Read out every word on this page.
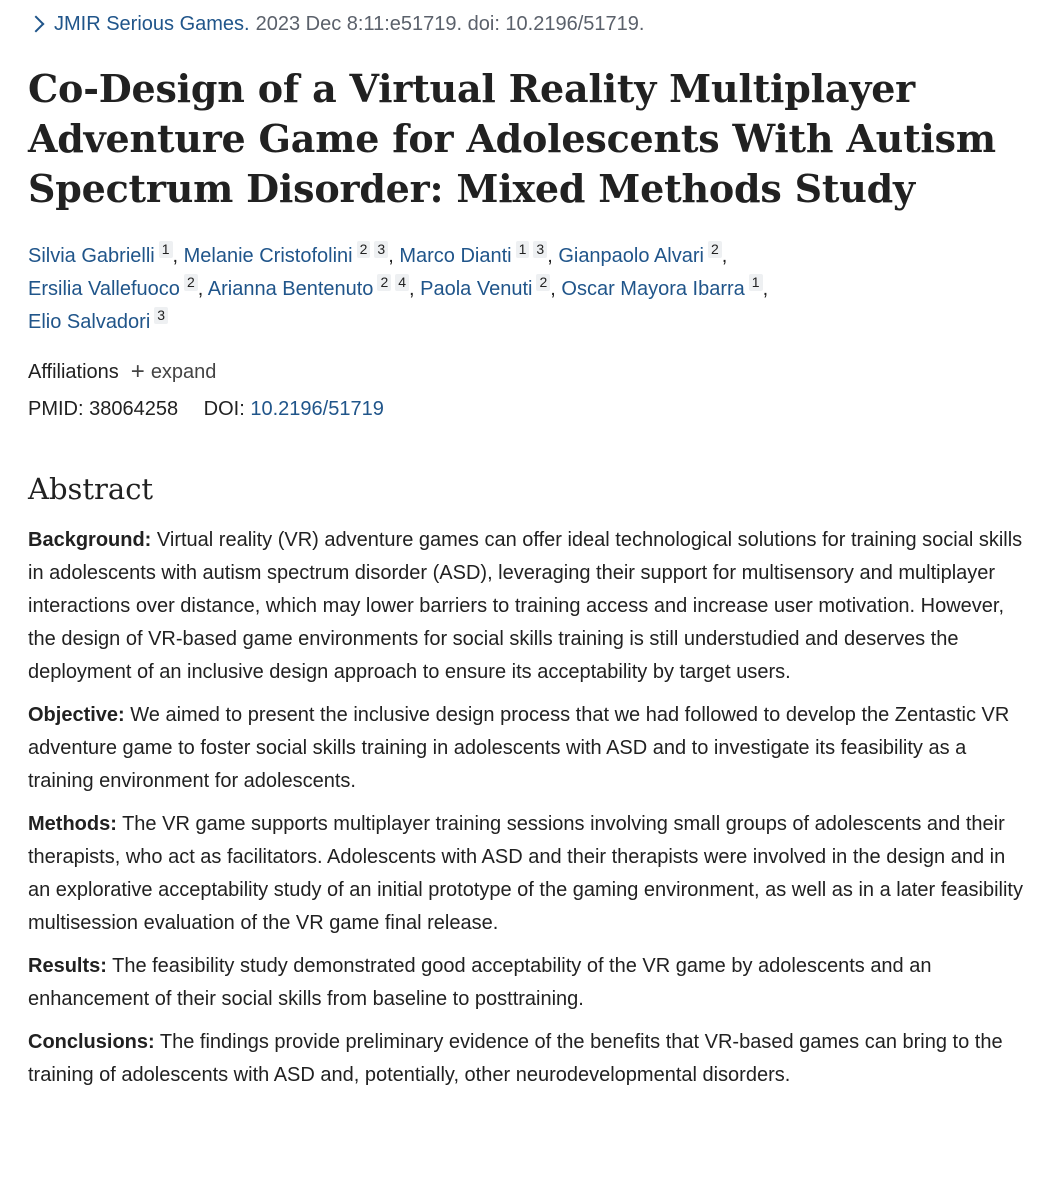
JMIR Serious Games. 2023 Dec 8:11:e51719. doi: 10.2196/51719.
Co-Design of a Virtual Reality Multiplayer Adventure Game for Adolescents With Autism Spectrum Disorder: Mixed Methods Study
Silvia Gabrielli 1 , Melanie Cristofolini 2 3 , Marco Dianti 1 3 , Gianpaolo Alvari 2 ,
Ersilia Vallefuoco 2 , Arianna Bentenuto 2 4 , Paola Venuti 2 , Oscar Mayora Ibarra 1 ,
Elio Salvadori 3
Affiliations + expand
PMID: 38064258 DOI: 10.2196/51719
Abstract

Background: Virtual reality (VR) adventure games can offer ideal technological solutions for training social skills in adolescents with autism spectrum disorder (ASD), leveraging their support for multisensory and multiplayer interactions over distance, which may lower barriers to training access and increase user motivation. However, the design of VR-based game environments for social skills training is still understudied and deserves the deployment of an inclusive design approach to ensure its acceptability by target users.

Objective: We aimed to present the inclusive design process that we had followed to develop the Zentastic VR adventure game to foster social skills training in adolescents with ASD and to investigate its feasibility as a training environment for adolescents.

Methods: The VR game supports multiplayer training sessions involving small groups of adolescents and their therapists, who act as facilitators. Adolescents with ASD and their therapists were involved in the design and in an explorative acceptability study of an initial prototype of the gaming environment, as well as in a later feasibility multisession evaluation of the VR game final release.

Results: The feasibility study demonstrated good acceptability of the VR game by adolescents and an enhancement of their social skills from baseline to posttraining.

Conclusions: The findings provide preliminary evidence of the benefits that VR-based games can bring to the training of adolescents with ASD and, potentially, other neurodevelopmental disorders.
